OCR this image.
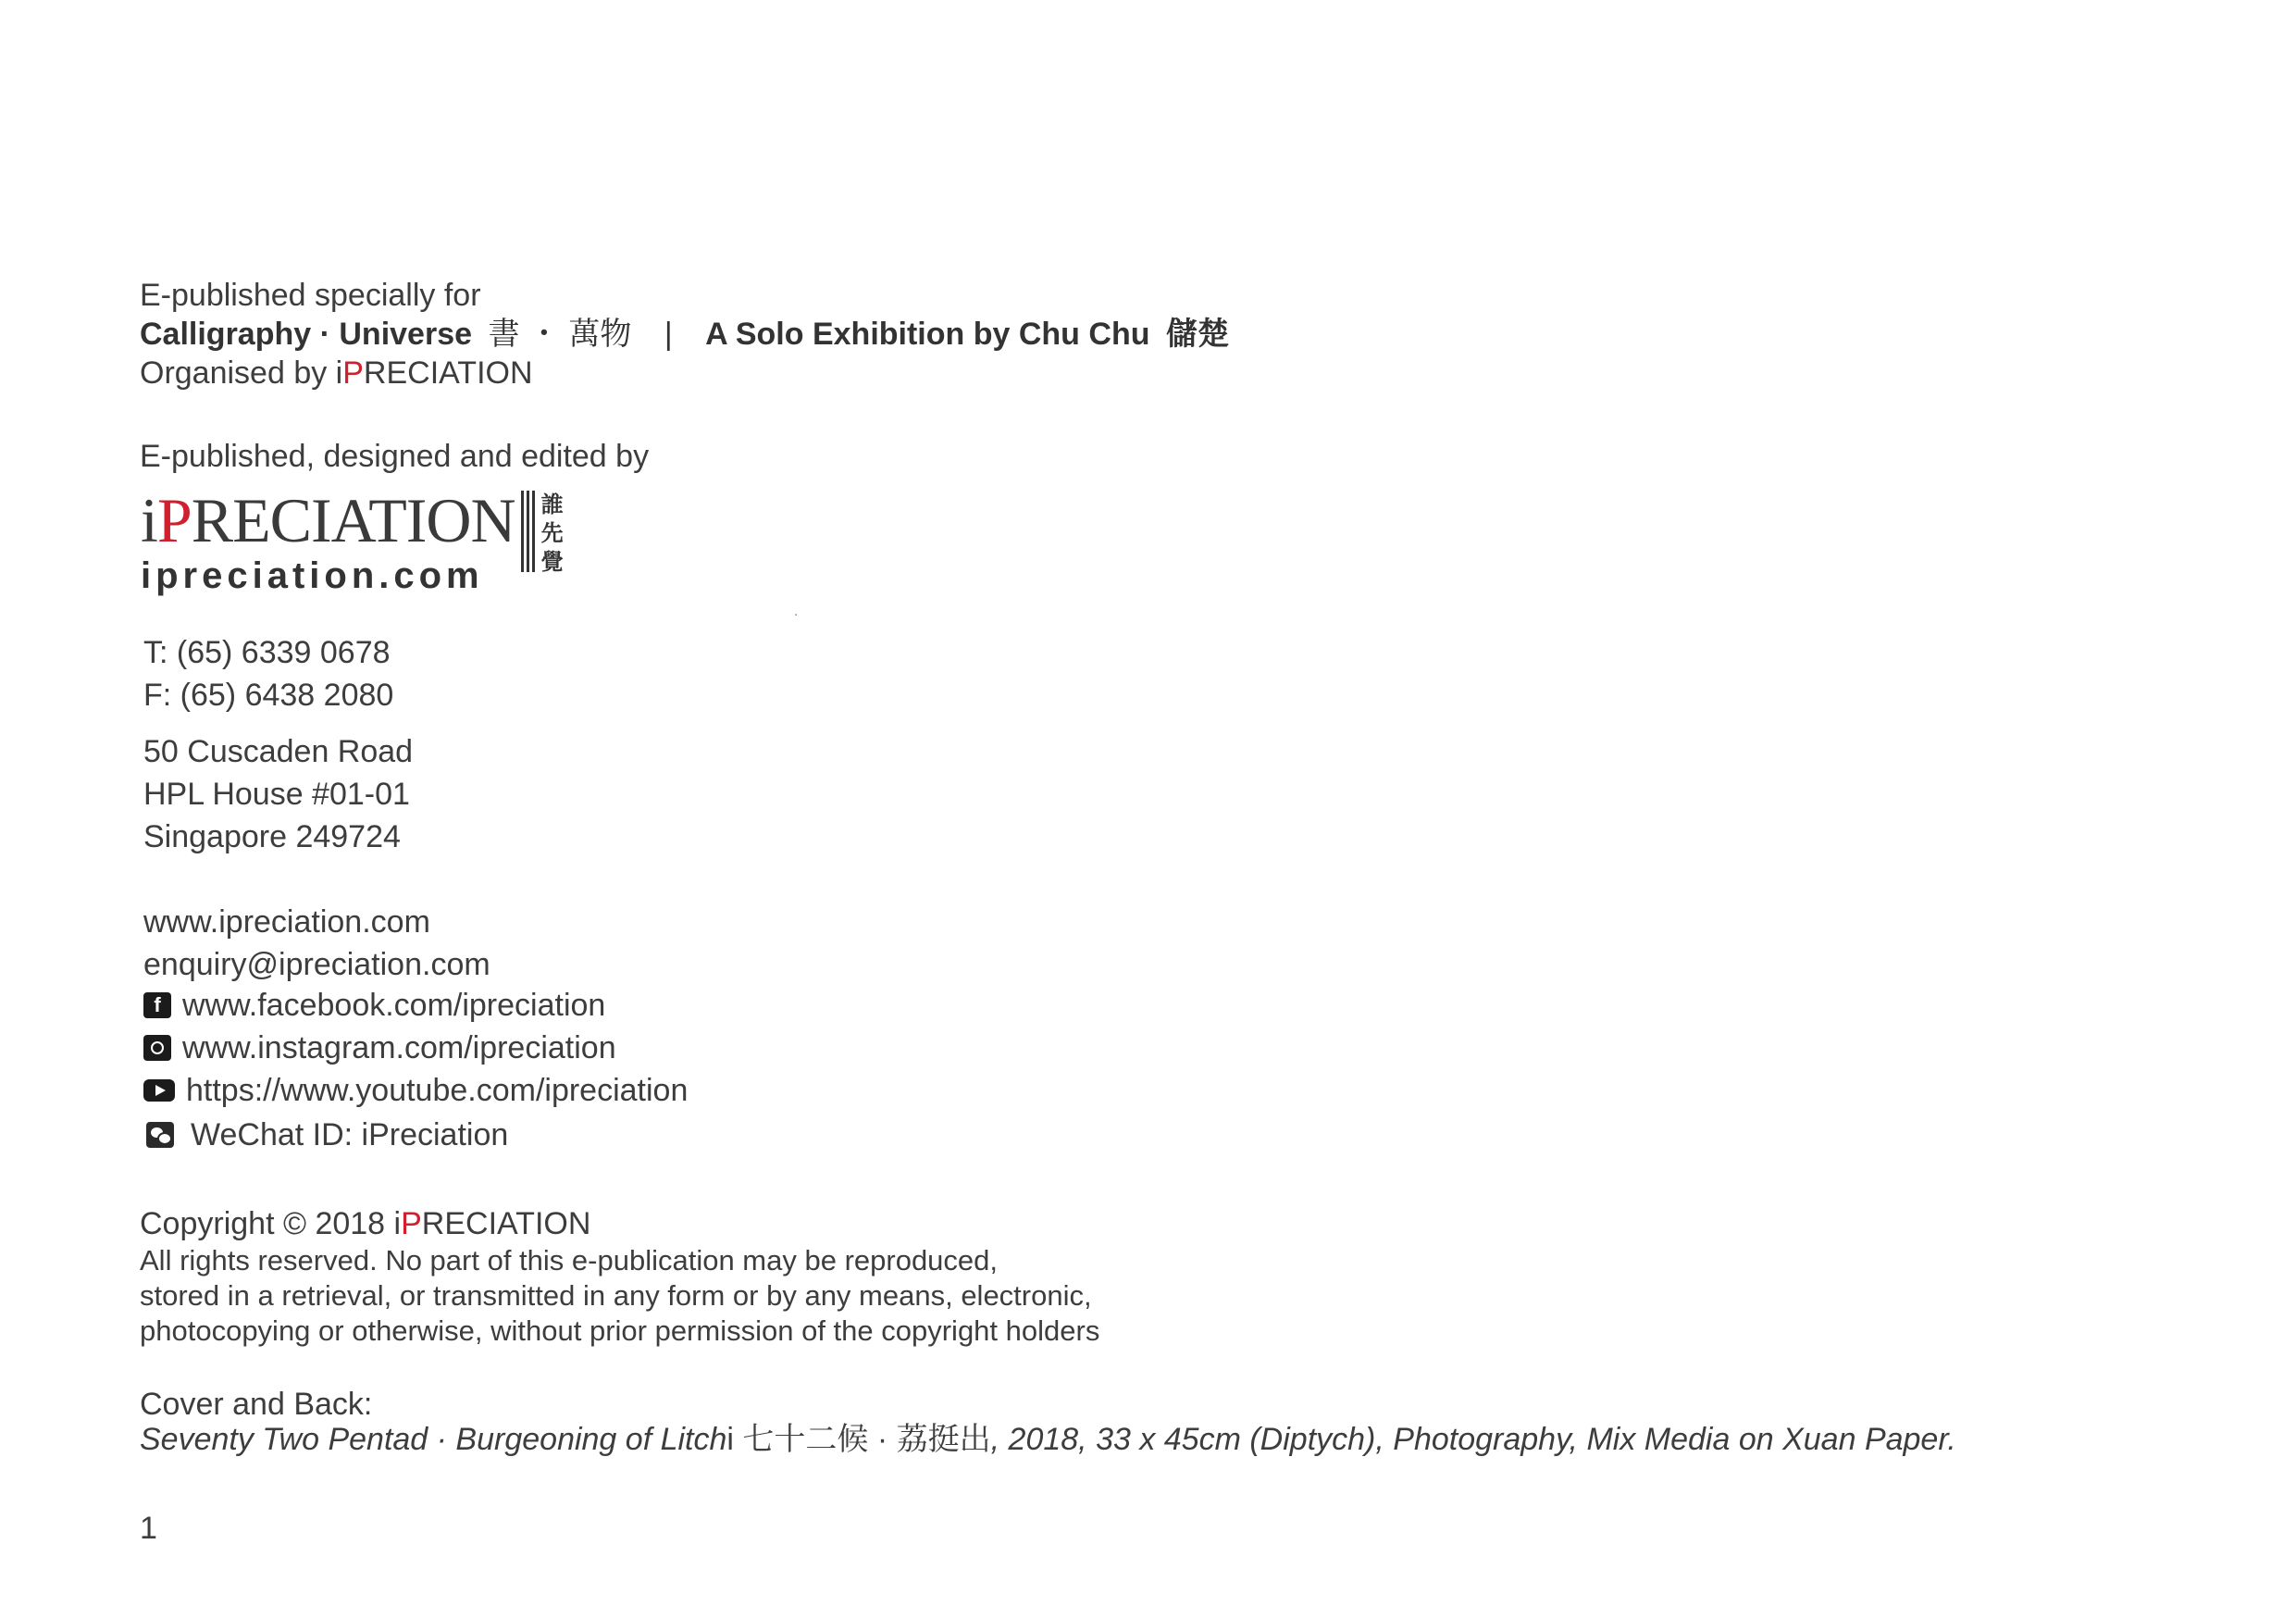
E-published specially for
Calligraphy · Universe 書 ・ 萬物 | A Solo Exhibition by Chu Chu 儲楚
Organised by iPRECIATION
E-published, designed and edited by
iPRECIATION
ipreciation.com
誰
先
覺
.
T: (65) 6339 0678
F: (65) 6438 2080
50 Cuscaden Road
HPL House #01-01
Singapore 249724
www.ipreciation.com
enquiry@ipreciation.com
f www.facebook.com/ipreciation
www.instagram.com/ipreciation
https://www.youtube.com/ipreciation
WeChat ID: iPreciation
Copyright © 2018 iPRECIATION
All rights reserved. No part of this e-publication may be reproduced,
stored in a retrieval, or transmitted in any form or by any means, electronic,
photocopying or otherwise, without prior permission of the copyright holders
Cover and Back:
Seventy Two Pentad · Burgeoning of Litchi 七十二候 · 荔挺出, 2018, 33 x 45cm (Diptych), Photography, Mix Media on Xuan Paper.
1
